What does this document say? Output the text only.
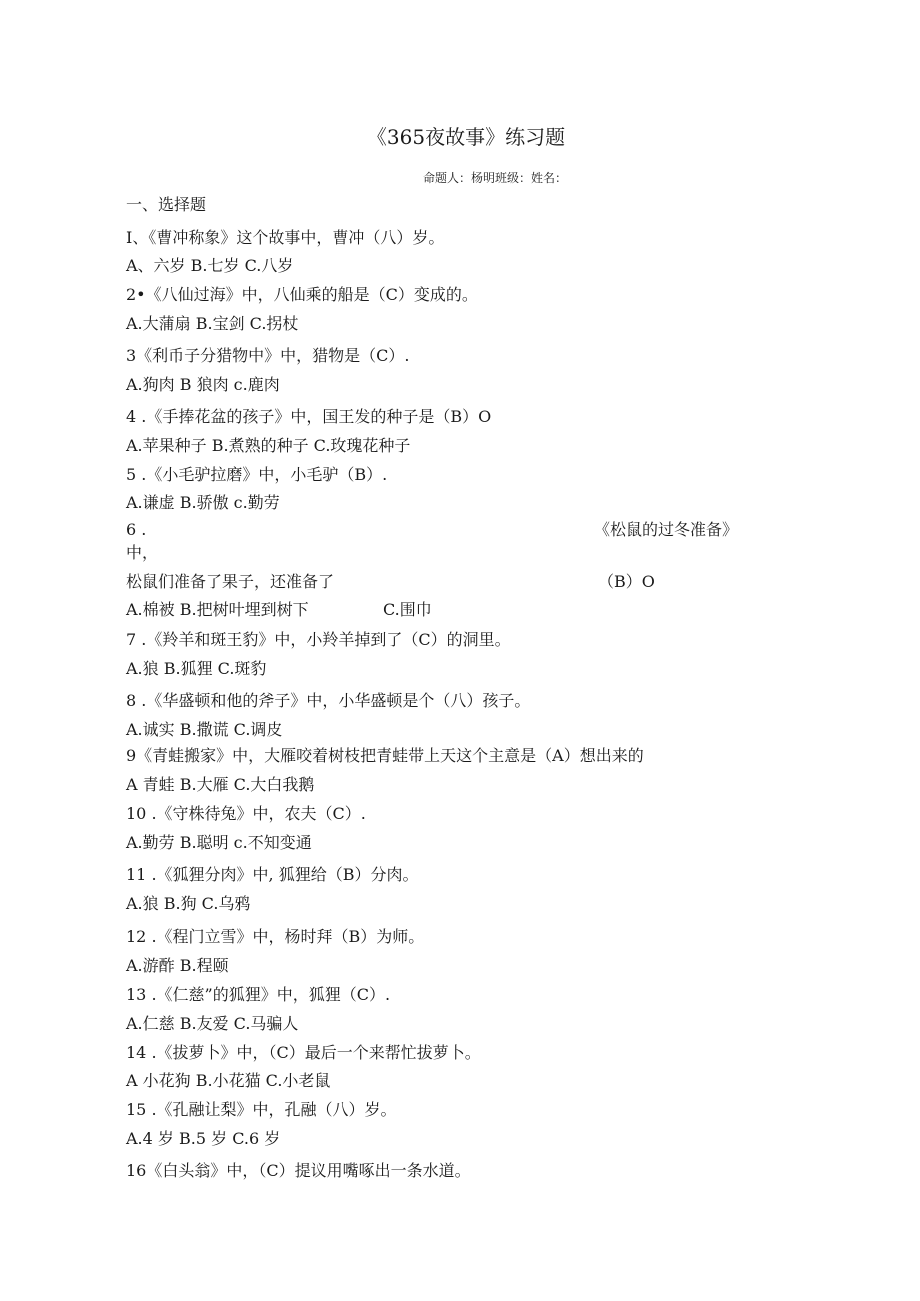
《365夜故事》练习题
命题人：杨明班级：姓名：
一、选择题
I、《曹冲称象》这个故事中，曹冲（八）岁。
A、六岁 B.七岁 C.八岁
2•《八仙过海》中，八仙乘的船是（C）变成的。
A.大蒲扇 B.宝剑 C.拐杖
3《利币子分猎物中》中，猎物是（C）.
A.狗肉 B 狼肉 c.鹿肉
4 .《手捧花盆的孩子》中，国王发的种子是（B）O
A.苹果种子 B.煮熟的种子 C.玫瑰花种子
5 .《小毛驴拉磨》中，小毛驴（B）.
A.谦虚 B.骄傲 c.勤劳
6 .	《松鼠的过冬准备》
中，
松鼠们准备了果子，还准备了	（B）O
A.棉被 B.把树叶埋到树下	C.围巾
7 .《羚羊和斑王豹》中，小羚羊掉到了（C）的洞里。
A.狼 B.狐狸 C.斑豹
8 .《华盛顿和他的斧子》中，小华盛顿是个（八）孩子。
A.诚实 B.撒谎 C.调皮
9《青蛙搬家》中，大雁咬着树枝把青蛙带上天这个主意是（A）想出来的
A 青蛙 B.大雁 C.大白我鹅
10 .《守株待兔》中，农夫（C）.
A.勤劳 B.聪明 c.不知变通
11 .《狐狸分肉》中, 狐狸给（B）分肉。
A.狼 B.狗 C.乌鸦
12 .《程门立雪》中，杨时拜（B）为师。
A.游酢 B.程颐
13 .《仁慈”的狐狸》中，狐狸（C）.
A.仁慈 B.友爱 C.马骗人
14 .《拔萝卜》中，（C）最后一个来帮忙拔萝卜。
A 小花狗 B.小花猫 C.小老鼠
15 .《孔融让梨》中，孔融（八）岁。
A.4 岁 B.5 岁 C.6 岁
16《白头翁》中，（C）提议用嘴啄出一条水道。
